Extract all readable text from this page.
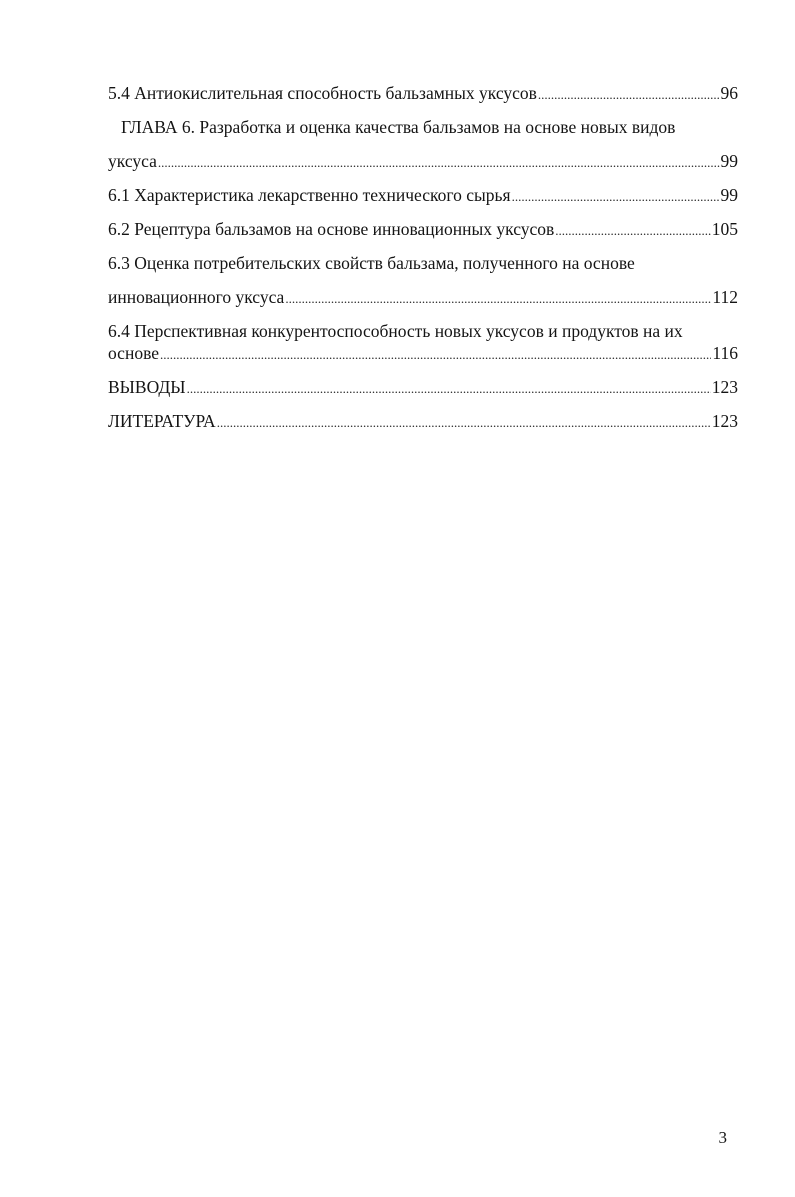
5.4 Антиокислительная способность бальзамных уксусов .....	96
ГЛАВА 6. Разработка и оценка качества бальзамов на основе новых видов
уксуса .....	99
6.1 Характеристика лекарственно технического сырья .....	99
6.2 Рецептура бальзамов на основе инновационных уксусов .....	105
6.3 Оценка потребительских свойств бальзама, полученного на основе
инновационного уксуса .....	112
6.4 Перспективная конкурентоспособность новых уксусов и продуктов на их
основе .....	116
ВЫВОДЫ .....	123
ЛИТЕРАТУРА .....	123
3
